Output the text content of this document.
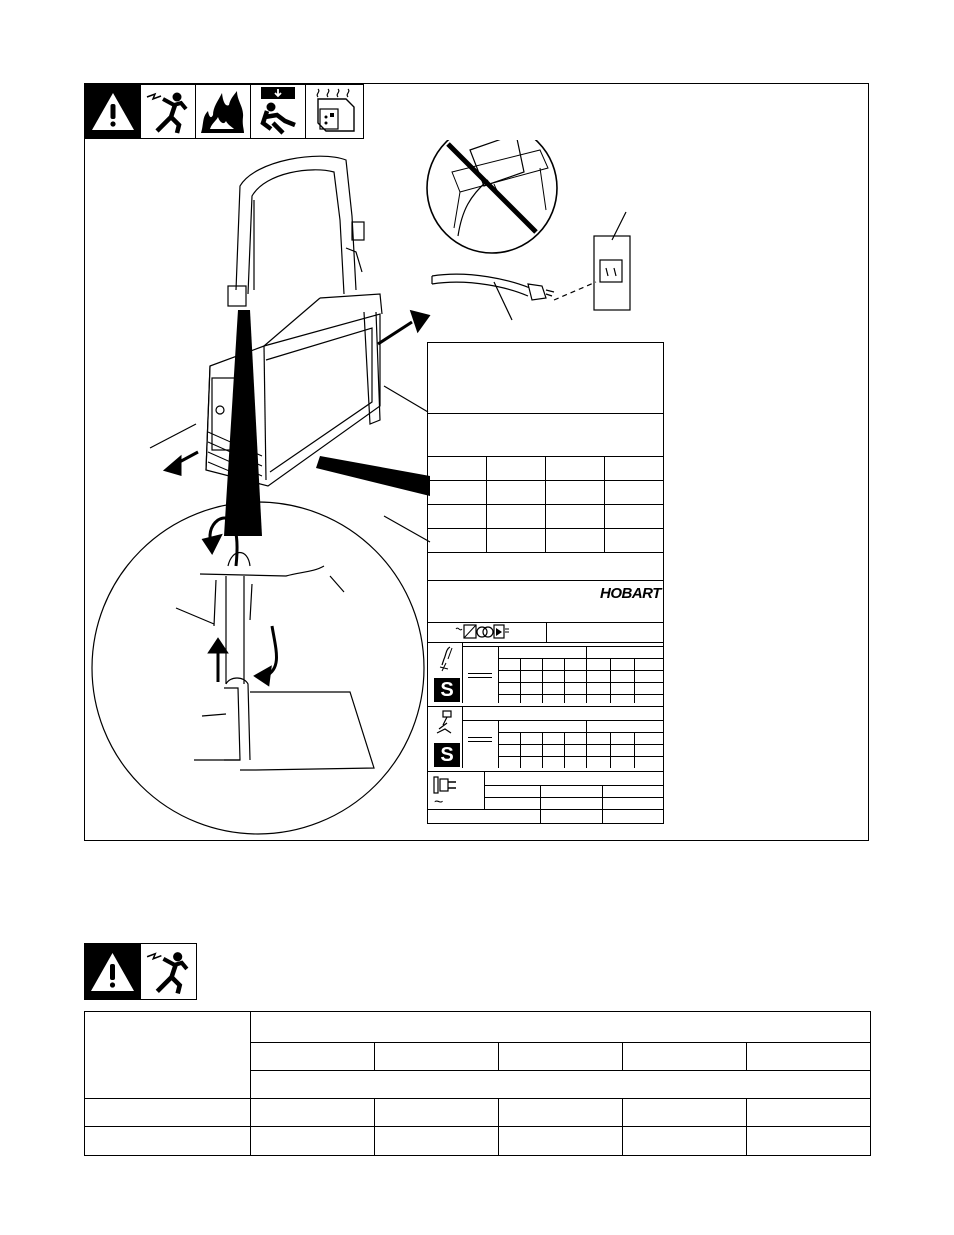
HOBART
S
S
~
